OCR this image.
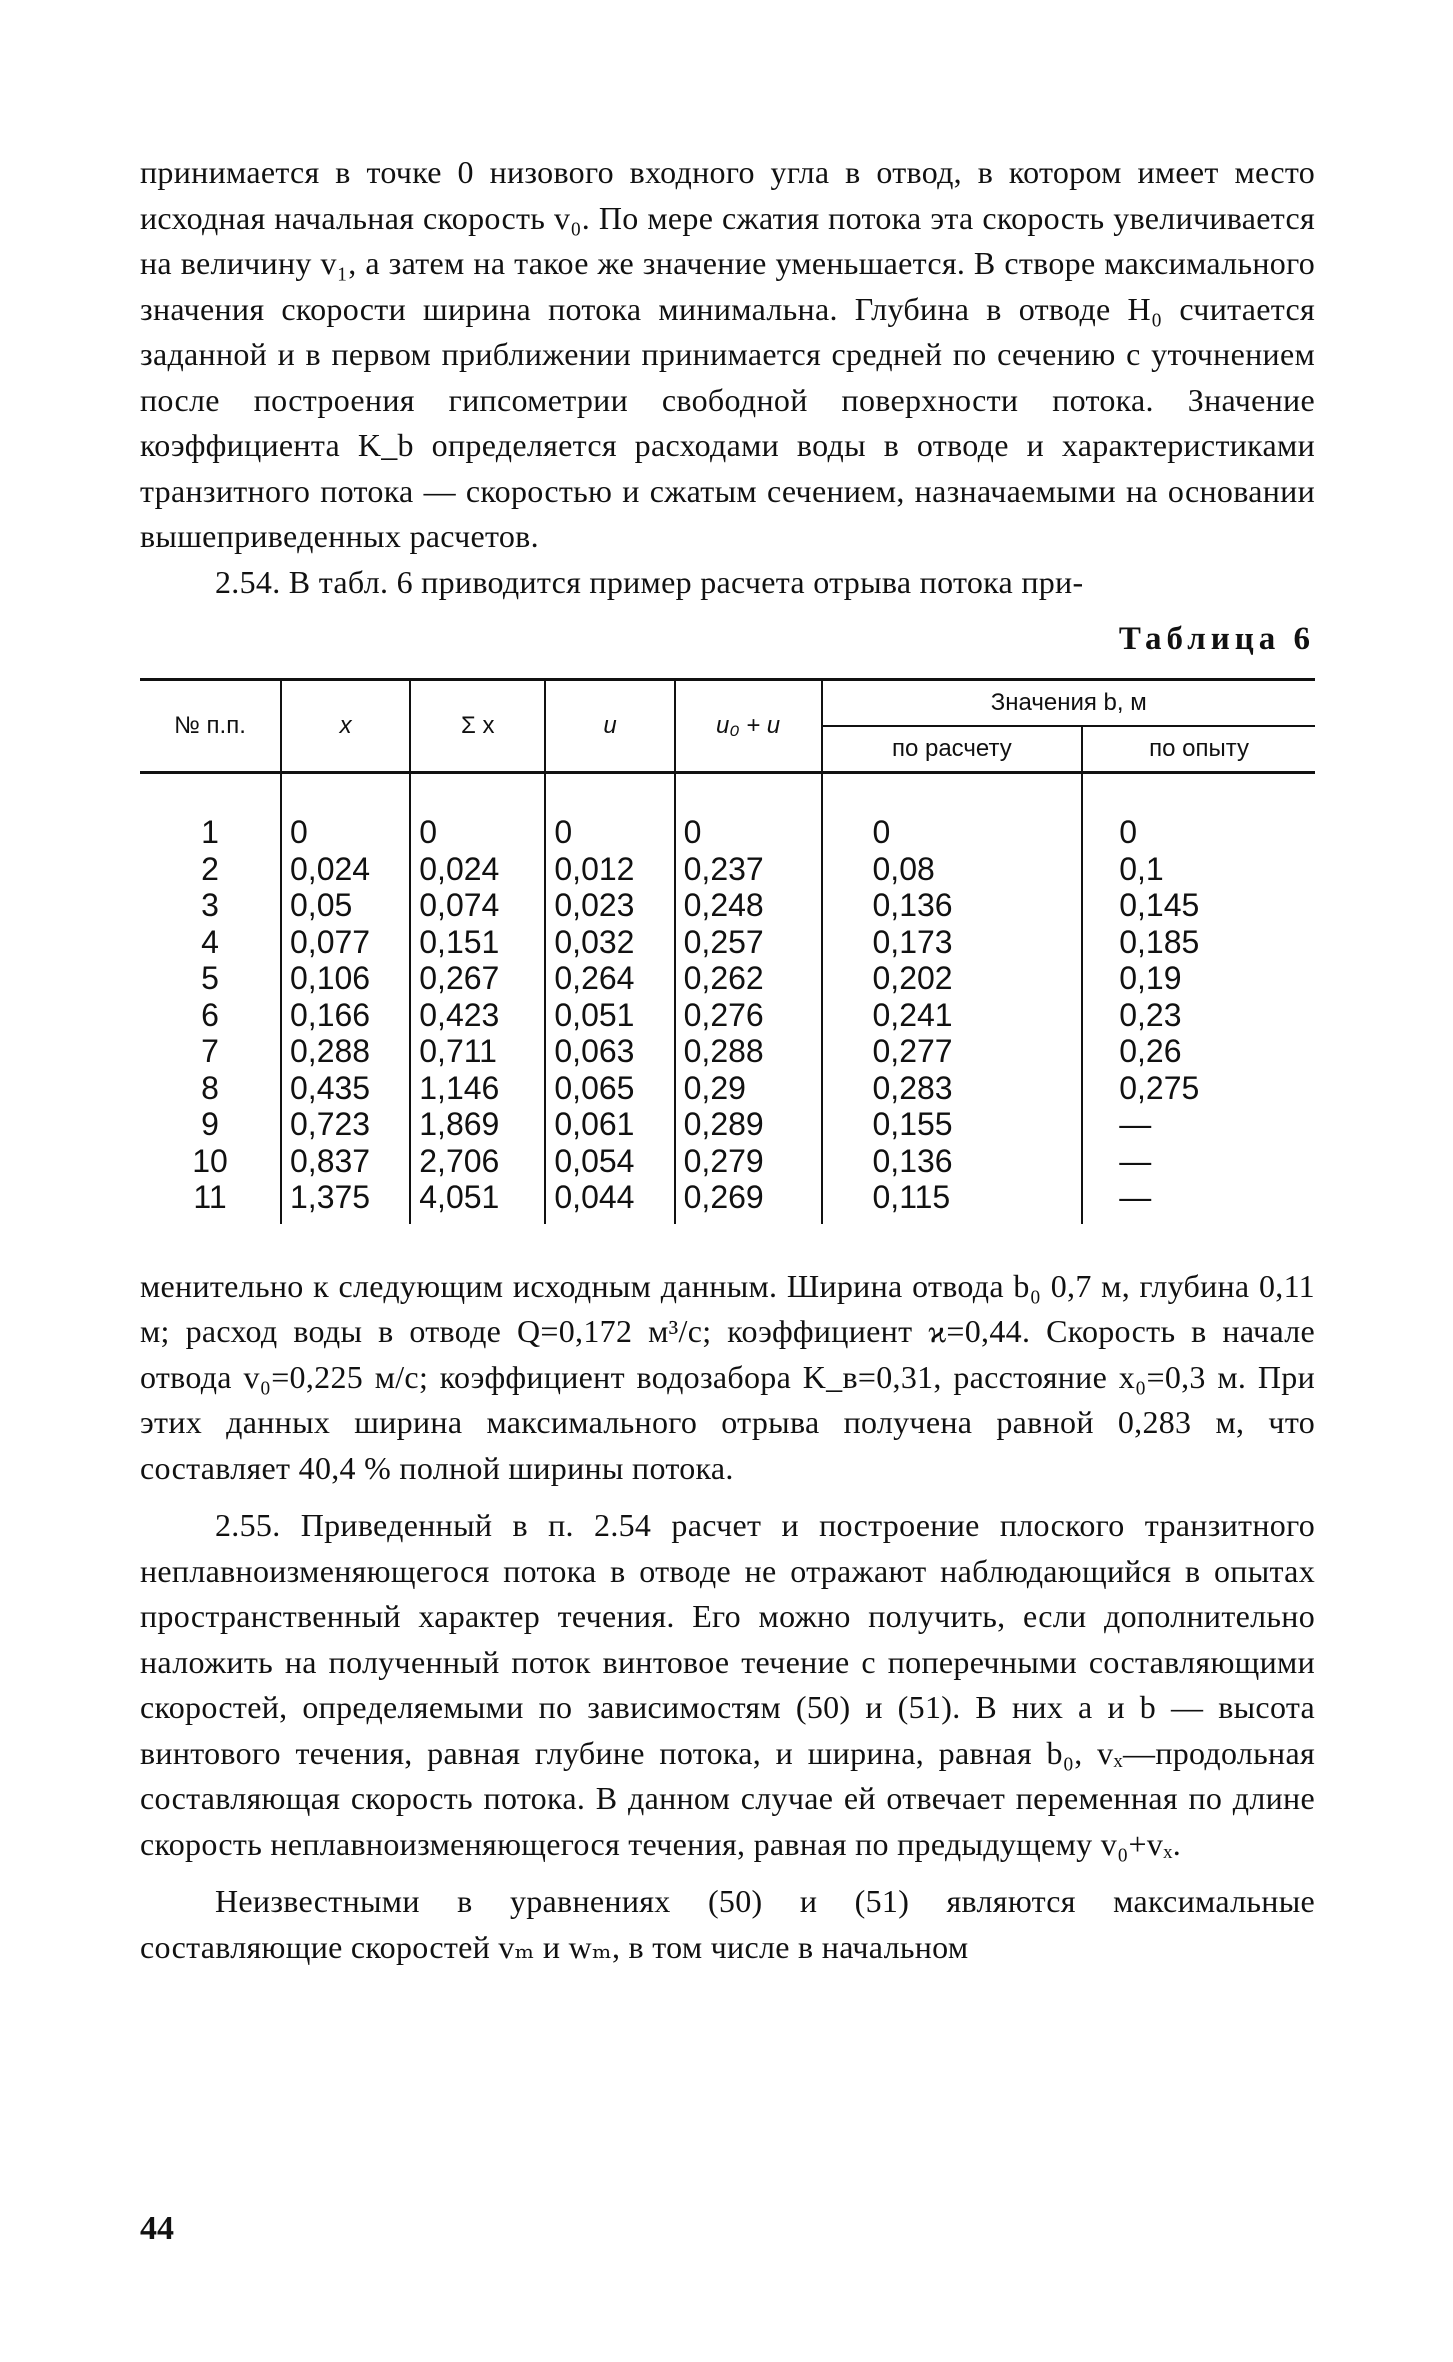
принимается в точке 0 низового входного угла в отвод, в котором имеет место исходная начальная скорость v₀. По мере сжатия потока эта скорость увеличивается на величину v₁, а затем на такое же значение уменьшается. В створе максимального значения скорости ширина потока минимальна. Глубина в отводе H₀ считается заданной и в первом приближении принимается средней по сечению с уточнением после построения гипсометрии свободной поверхности потока. Значение коэффициента K_b определяется расходами воды в отводе и характеристиками транзитного потока — скоростью и сжатым сечением, назначаемыми на основании вышеприведенных расчетов.

2.54. В табл. 6 приводится пример расчета отрыва потока при-

Таблица 6
№ п.п.	x	Σ x	u	u₀ + u	Значения b, м	
					по расчету	по опыту
1	0	0	0	0	0	0
2	0,024	0,024	0,012	0,237	0,08	0,1
3	0,05	0,074	0,023	0,248	0,136	0,145
4	0,077	0,151	0,032	0,257	0,173	0,185
5	0,106	0,267	0,264	0,262	0,202	0,19
6	0,166	0,423	0,051	0,276	0,241	0,23
7	0,288	0,711	0,063	0,288	0,277	0,26
8	0,435	1,146	0,065	0,29	0,283	0,275
9	0,723	1,869	0,061	0,289	0,155	—
10	0,837	2,706	0,054	0,279	0,136	—
11	1,375	4,051	0,044	0,269	0,115	—

менительно к следующим исходным данным. Ширина отвода b₀ 0,7 м, глубина 0,11 м; расход воды в отводе Q=0,172 м³/с; коэффициент ϰ=0,44. Скорость в начале отвода v₀=0,225 м/с; коэффициент водозабора K_в=0,31, расстояние x₀=0,3 м. При этих данных ширина максимального отрыва получена равной 0,283 м, что составляет 40,4 % полной ширины потока.

2.55. Приведенный в п. 2.54 расчет и построение плоского транзитного неплавноизменяющегося потока в отводе не отражают наблюдающийся в опытах пространственный характер течения. Его можно получить, если дополнительно наложить на полученный поток винтовое течение с поперечными составляющими скоростей, определяемыми по зависимостям (50) и (51). В них a и b — высота винтового течения, равная глубине потока, и ширина, равная b₀, vₓ—продольная составляющая скорость потока. В данном случае ей отвечает переменная по длине скорость неплавноизменяющегося течения, равная по предыдущему v₀+vₓ.

Неизвестными в уравнениях (50) и (51) являются максимальные составляющие скоростей vₘ и wₘ, в том числе в начальном

44
